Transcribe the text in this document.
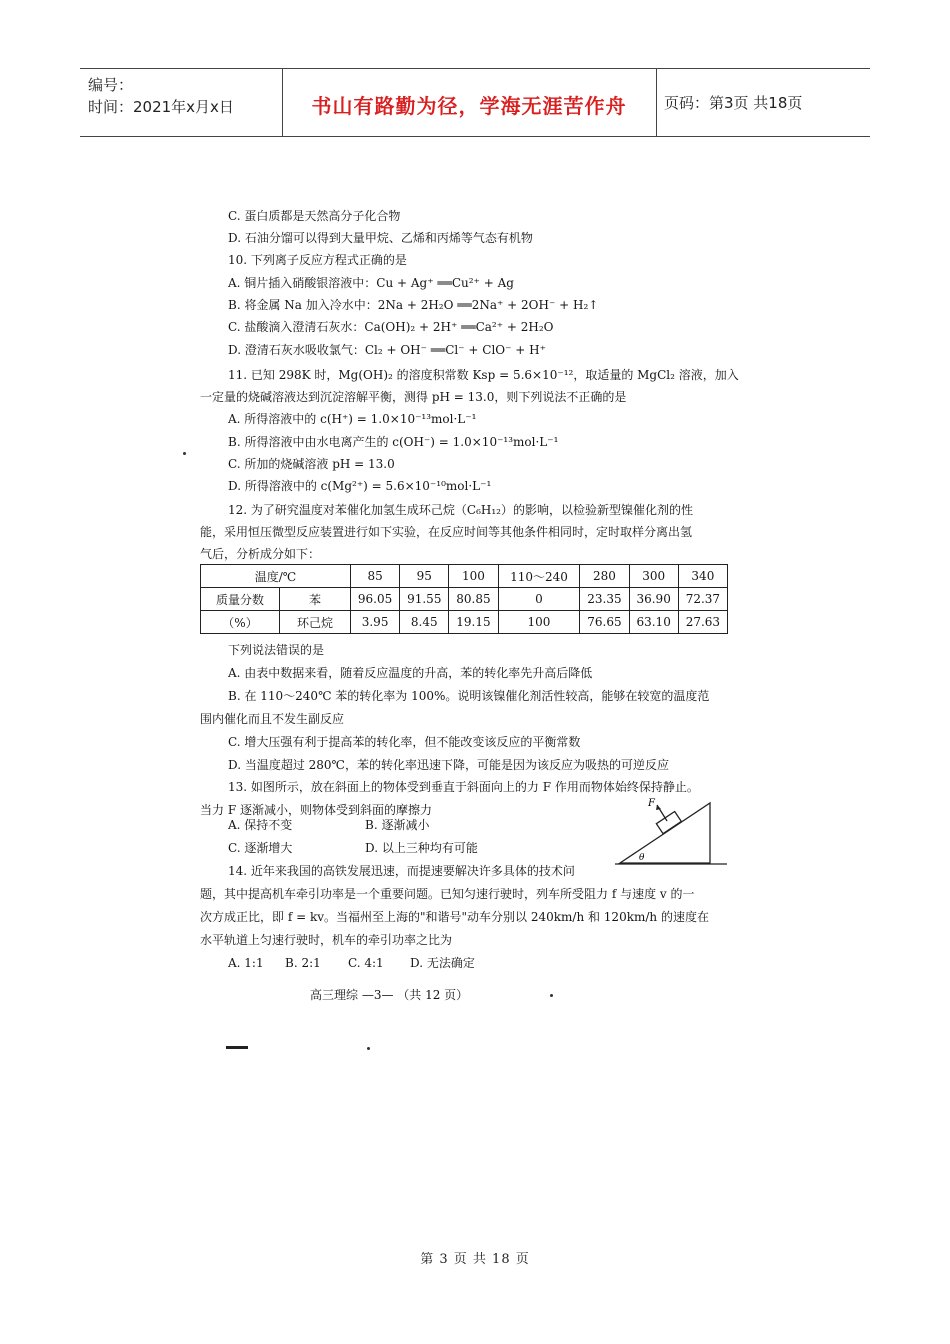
编号：
时间：2021年x月x日	书山有路勤为径，学海无涯苦作舟	页码：第3页 共18页
C. 蛋白质都是天然高分子化合物
D. 石油分馏可以得到大量甲烷、乙烯和丙烯等气态有机物
10. 下列离子反应方程式正确的是
A. 铜片插入硝酸银溶液中：Cu + Ag⁺ ══Cu²⁺ + Ag
B. 将金属 Na 加入冷水中：2Na + 2H₂O ══2Na⁺ + 2OH⁻ + H₂↑
C. 盐酸滴入澄清石灰水：Ca(OH)₂ + 2H⁺ ══Ca²⁺ + 2H₂O
D. 澄清石灰水吸收氯气：Cl₂ + OH⁻ ══Cl⁻ + ClO⁻ + H⁺
11. 已知 298K 时，Mg(OH)₂ 的溶度积常数 Ksp = 5.6×10⁻¹²，取适量的 MgCl₂ 溶液，加入
一定量的烧碱溶液达到沉淀溶解平衡，测得 pH = 13.0，则下列说法不正确的是
A. 所得溶液中的 c(H⁺) = 1.0×10⁻¹³mol·L⁻¹
B. 所得溶液中由水电离产生的 c(OH⁻) = 1.0×10⁻¹³mol·L⁻¹
C. 所加的烧碱溶液 pH = 13.0
D. 所得溶液中的 c(Mg²⁺) = 5.6×10⁻¹⁰mol·L⁻¹
12. 为了研究温度对苯催化加氢生成环己烷（C₆H₁₂）的影响，以检验新型镍催化剂的性
能，采用恒压微型反应装置进行如下实验，在反应时间等其他条件相同时，定时取样分离出氢
气后，分析成分如下：
温度/℃		85	95	100	110～240	280	300	340
质量分数	苯	96.05	91.55	80.85	0	23.35	36.90	72.37
（%）	环己烷	3.95	8.45	19.15	100	76.65	63.10	27.63
下列说法错误的是
A. 由表中数据来看，随着反应温度的升高，苯的转化率先升高后降低
B. 在 110～240℃ 苯的转化率为 100%。说明该镍催化剂活性较高，能够在较宽的温度范
围内催化而且不发生副反应
C. 增大压强有利于提高苯的转化率，但不能改变该反应的平衡常数
D. 当温度超过 280℃，苯的转化率迅速下降，可能是因为该反应为吸热的可逆反应
13. 如图所示，放在斜面上的物体受到垂直于斜面向上的力 F 作用而物体始终保持静止。
当力 F 逐渐减小，则物体受到斜面的摩擦力
A. 保持不变	B. 逐渐减小
C. 逐渐增大	D. 以上三种均有可能
F
θ
14. 近年来我国的高铁发展迅速，而提速要解决许多具体的技术问
题，其中提高机车牵引功率是一个重要问题。已知匀速行驶时，列车所受阻力 f 与速度 v 的一
次方成正比，即 f = kv。当福州至上海的"和谐号"动车分别以 240km/h 和 120km/h 的速度在
水平轨道上匀速行驶时，机车的牵引功率之比为
A. 1:1 B. 2:1 C. 4:1 D. 无法确定
高三理综 —3— （共 12 页）
第 3 页 共 18 页
